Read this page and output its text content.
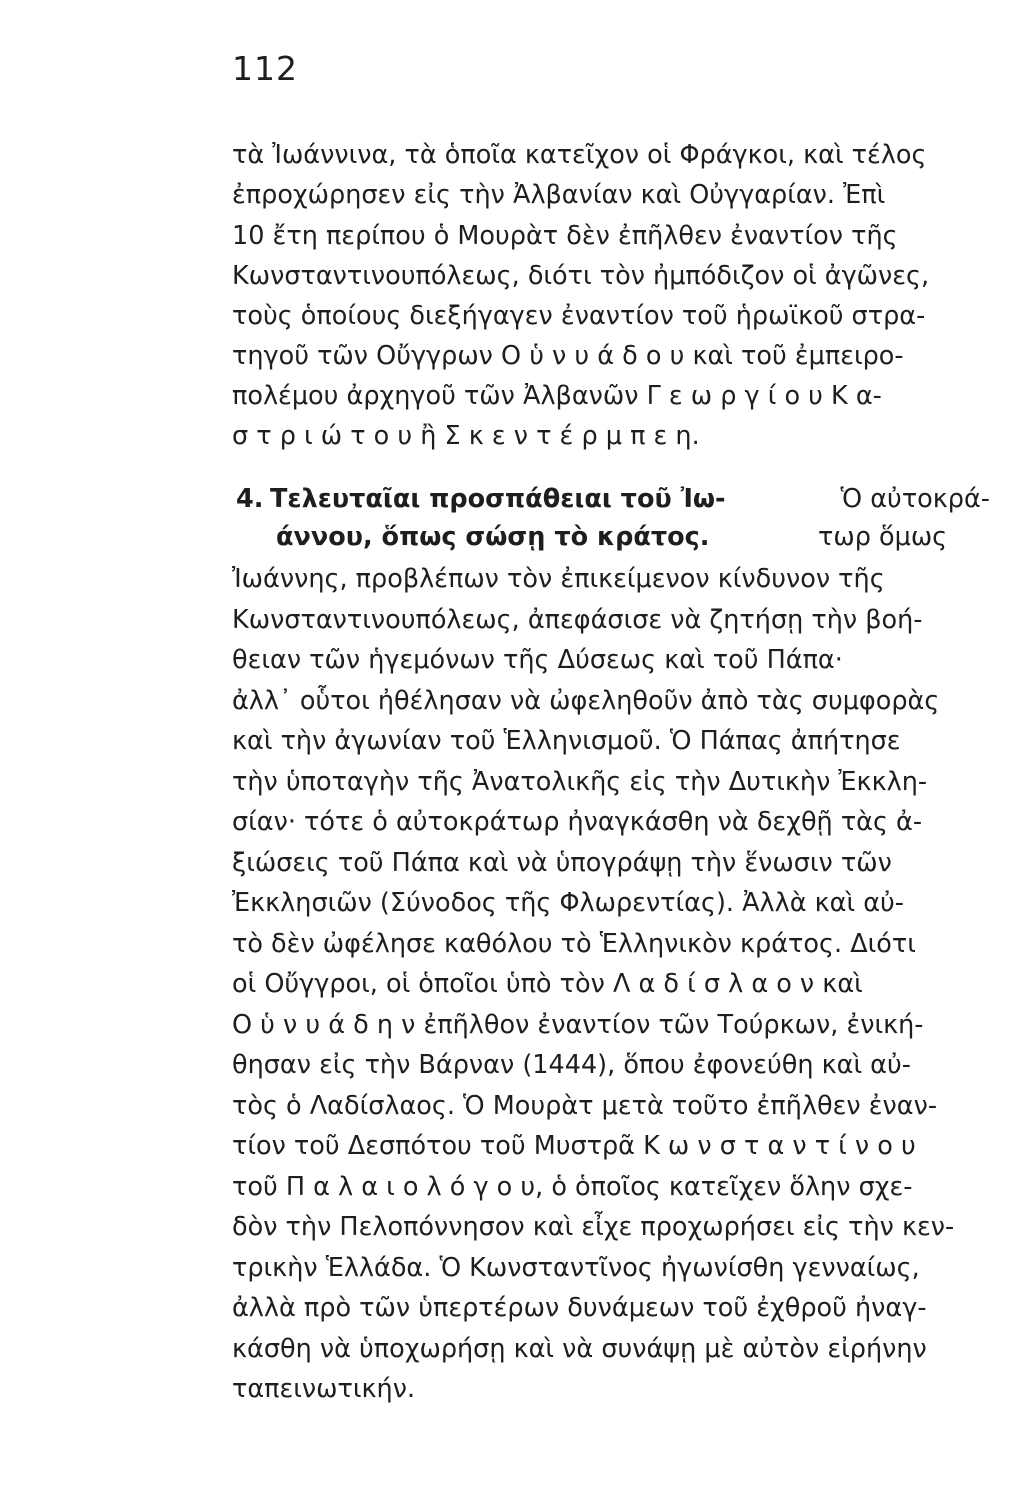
112
τὰ Ἰωάννινα, τὰ ὁποῖα κατεῖχον οἱ Φράγκοι, καὶ τέλος
ἐπροχώρησεν εἰς τὴν Ἀλβανίαν καὶ Οὐγγαρίαν. Ἐπὶ
10 ἔτη περίπου ὁ Μουρὰτ δὲν ἐπῆλθεν ἐναντίον τῆς
Κωνσταντινουπόλεως, διότι τὸν ἠμπόδιζον οἱ ἀγῶνες,
τοὺς ὁποίους διεξήγαγεν ἐναντίον τοῦ ἡρωϊκοῦ στρα-
τηγοῦ τῶν Οὔγγρων Ο ὑ ν υ ά δ ο υ καὶ τοῦ ἐμπειρο-
πολέμου ἀρχηγοῦ τῶν Ἀλβανῶν Γ ε ω ρ γ ί ο υ Κ α-
σ τ ρ ι ώ τ ο υ ἢ Σ κ ε ν τ έ ρ μ π ε η.
4. Τελευταῖαι προσπάθειαι τοῦ Ἰω-	Ὁ αὐτοκρά-
άννου, ὅπως σώσῃ τὸ κράτος.	τωρ ὅμως
Ἰωάννης, προβλέπων τὸν ἐπικείμενον κίνδυνον τῆς
Κωνσταντινουπόλεως, ἀπεφάσισε νὰ ζητήσῃ τὴν βοή-
θειαν τῶν ἡγεμόνων τῆς Δύσεως καὶ τοῦ Πάπα·
ἀλλ᾽ οὗτοι ἠθέλησαν νὰ ὠφεληθοῦν ἀπὸ τὰς συμφορὰς
καὶ τὴν ἀγωνίαν τοῦ Ἑλληνισμοῦ. Ὁ Πάπας ἀπήτησε
τὴν ὑποταγὴν τῆς Ἀνατολικῆς εἰς τὴν Δυτικὴν Ἐκκλη-
σίαν· τότε ὁ αὐτοκράτωρ ἠναγκάσθη νὰ δεχθῇ τὰς ἀ-
ξιώσεις τοῦ Πάπα καὶ νὰ ὑπογράψῃ τὴν ἕνωσιν τῶν
Ἐκκλησιῶν (Σύνοδος τῆς Φλωρεντίας). Ἀλλὰ καὶ αὐ-
τὸ δὲν ὠφέλησε καθόλου τὸ Ἑλληνικὸν κράτος. Διότι
οἱ Οὔγγροι, οἱ ὁποῖοι ὑπὸ τὸν Λ α δ ί σ λ α ο ν καὶ
Ο ὑ ν υ ά δ η ν ἐπῆλθον ἐναντίον τῶν Τούρκων, ἐνική-
θησαν εἰς τὴν Βάρναν (1444), ὅπου ἐφονεύθη καὶ αὐ-
τὸς ὁ Λαδίσλαος. Ὁ Μουρὰτ μετὰ τοῦτο ἐπῆλθεν ἐναν-
τίον τοῦ Δεσπότου τοῦ Μυστρᾶ Κ ω ν σ τ α ν τ ί ν ο υ
τοῦ Π α λ α ι ο λ ό γ ο υ, ὁ ὁποῖος κατεῖχεν ὅλην σχε-
δὸν τὴν Πελοπόννησον καὶ εἶχε προχωρήσει εἰς τὴν κεν-
τρικὴν Ἑλλάδα. Ὁ Κωνσταντῖνος ἠγωνίσθη γενναίως,
ἀλλὰ πρὸ τῶν ὑπερτέρων δυνάμεων τοῦ ἐχθροῦ ἠναγ-
κάσθη νὰ ὑποχωρήσῃ καὶ νὰ συνάψῃ μὲ αὐτὸν εἰρήνην
ταπεινωτικήν.
